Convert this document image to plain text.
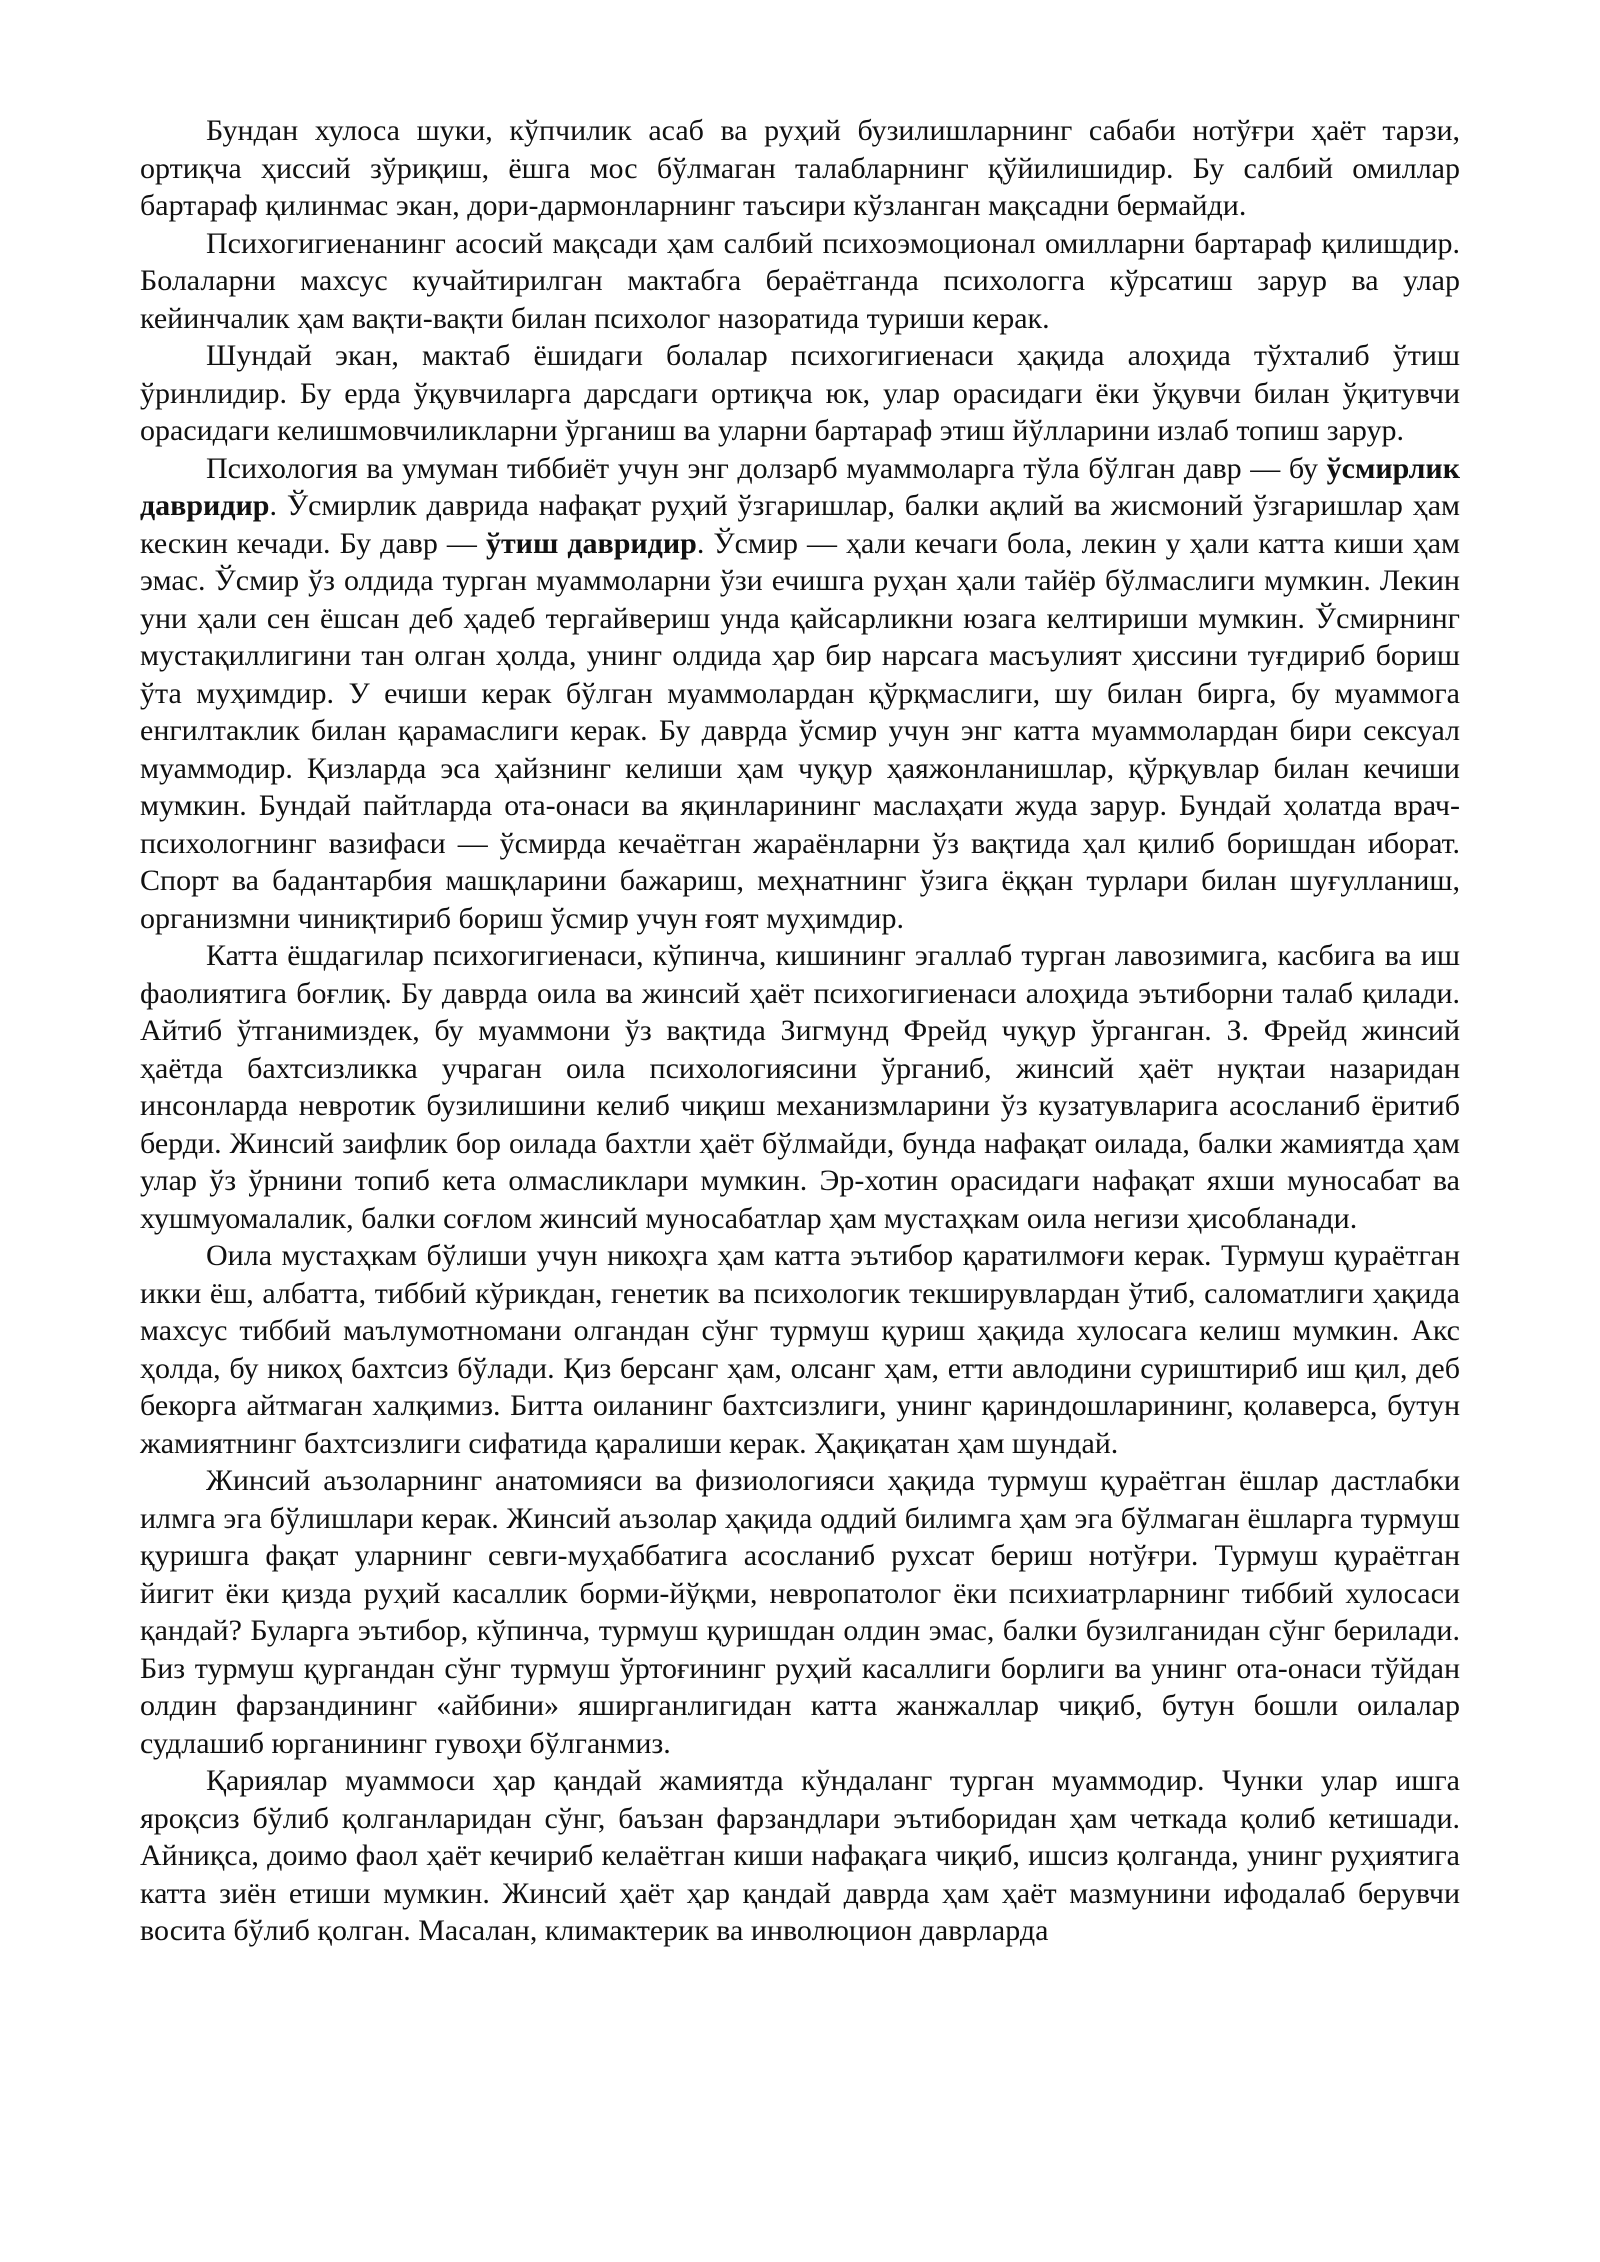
Бундан хулоса шуки, кўпчилик асаб ва руҳий бузилишларнинг сабаби нотўғри ҳаёт тарзи, ортиқча ҳиссий зўриқиш, ёшга мос бўлмаган талабларнинг қўйилишидир. Бу салбий омиллар бартараф қилинмас экан, дори-дармонларнинг таъсири кўзланган мақсадни бермайди.

Психогигиенанинг асосий мақсади ҳам салбий психоэмоционал омилларни бартараф қилишдир. Болаларни махсус кучайтирилган мактабга бераётганда психологга кўрсатиш зарур ва улар кейинчалик ҳам вақти-вақти билан психолог назоратида туриши керак.

Шундай экан, мактаб ёшидаги болалар психогигиенаси ҳақида алоҳида тўхталиб ўтиш ўринлидир. Бу ерда ўқувчиларга дарсдаги ортиқча юк, улар орасидаги ёки ўқувчи билан ўқитувчи орасидаги келишмовчиликларни ўрганиш ва уларни бартараф этиш йўлларини излаб топиш зарур.

Психология ва умуман тиббиёт учун энг долзарб муаммоларга тўла бўлган давр — бу ўсмирлик давридир. Ўсмирлик даврида нафақат руҳий ўзгаришлар, балки ақлий ва жисмоний ўзгаришлар ҳам кескин кечади. Бу давр — ўтиш давридир. Ўсмир — ҳали кечаги бола, лекин у ҳали катта киши ҳам эмас. Ўсмир ўз олдида турган муаммоларни ўзи ечишга руҳан ҳали тайёр бўлмаслиги мумкин. Лекин уни ҳали сен ёшсан деб ҳадеб тергайвериш унда қайсарликни юзага келтириши мумкин. Ўсмирнинг мустақиллигини тан олган ҳолда, унинг олдида ҳар бир нарсага масъулият ҳиссини туғдириб бориш ўта муҳимдир. У ечиши керак бўлган муаммолардан қўрқмаслиги, шу билан бирга, бу муаммога енгилтаклик билан қарамаслиги керак. Бу даврда ўсмир учун энг катта муаммолардан бири сексуал муаммодир. Қизларда эса ҳайзнинг келиши ҳам чуқур ҳаяжонланишлар, қўрқувлар билан кечиши мумкин. Бундай пайтларда ота-онаси ва яқинларининг маслаҳати жуда зарур. Бундай ҳолатда врач-психологнинг вазифаси — ўсмирда кечаётган жараёнларни ўз вақтида ҳал қилиб боришдан иборат. Спорт ва бадантарбия машқларини бажариш, меҳнатнинг ўзига ёққан турлари билан шуғулланиш, организмни чиниқтириб бориш ўсмир учун ғоят муҳимдир.

Катта ёшдагилар психогигиенаси, кўпинча, кишининг эгаллаб турган лавозимига, касбига ва иш фаолиятига боғлиқ. Бу даврда оила ва жинсий ҳаёт психогигиенаси алоҳида эътиборни талаб қилади. Айтиб ўтганимиздек, бу муаммони ўз вақтида Зигмунд Фрейд чуқур ўрганган. З. Фрейд жинсий ҳаётда бахтсизликка учраган оила психологиясини ўрганиб, жинсий ҳаёт нуқтаи назаридан инсонларда невротик бузилишини келиб чиқиш механизмларини ўз кузатувларига асосланиб ёритиб берди. Жинсий заифлик бор оилада бахтли ҳаёт бўлмайди, бунда нафақат оилада, балки жамиятда ҳам улар ўз ўрнини топиб кета олмасликлари мумкин. Эр-хотин орасидаги нафақат яхши муносабат ва хушмуомалалик, балки соғлом жинсий муносабатлар ҳам мустаҳкам оила негизи ҳисобланади.

Оила мустаҳкам бўлиши учун никоҳга ҳам катта эътибор қаратилмоғи керак. Турмуш қураётган икки ёш, албатта, тиббий кўрикдан, генетик ва психологик текширувлардан ўтиб, саломатлиги ҳақида махсус тиббий маълумотномани олгандан сўнг турмуш қуриш ҳақида хулосага келиш мумкин. Акс ҳолда, бу никоҳ бахтсиз бўлади. Қиз берсанг ҳам, олсанг ҳам, етти авлодини суриштириб иш қил, деб бекорга айтмаган халқимиз. Битта оиланинг бахтсизлиги, унинг қариндошларининг, қолаверса, бутун жамиятнинг бахтсизлиги сифатида қаралиши керак. Ҳақиқатан ҳам шундай.

Жинсий аъзоларнинг анатомияси ва физиологияси ҳақида турмуш қураётган ёшлар дастлабки илмга эга бўлишлари керак. Жинсий аъзолар ҳақида оддий билимга ҳам эга бўлмаган ёшларга турмуш қуришга фақат уларнинг севги-муҳаббатига асосланиб рухсат бериш нотўғри. Турмуш қураётган йигит ёки қизда руҳий касаллик борми-йўқми, невропатолог ёки психиатрларнинг тиббий хулосаси қандай? Буларга эътибор, кўпинча, турмуш қуришдан олдин эмас, балки бузилганидан сўнг берилади. Биз турмуш қургандан сўнг турмуш ўртоғининг руҳий касаллиги борлиги ва унинг ота-онаси тўйдан олдин фарзандининг «айбини» яширганлигидан катта жанжаллар чиқиб, бутун бошли оилалар судлашиб юрганининг гувоҳи бўлганмиз.

Қариялар муаммоси ҳар қандай жамиятда кўндаланг турган муаммодир. Чунки улар ишга яроқсиз бўлиб қолганларидан сўнг, баъзан фарзандлари эътиборидан ҳам четкада қолиб кетишади. Айниқса, доимо фаол ҳаёт кечириб келаётган киши нафақага чиқиб, ишсиз қолганда, унинг руҳиятига катта зиён етиши мумкин. Жинсий ҳаёт ҳар қандай даврда ҳам ҳаёт мазмунини ифодалаб берувчи восита бўлиб қолган. Масалан, климактерик ва инволюцион даврларда
